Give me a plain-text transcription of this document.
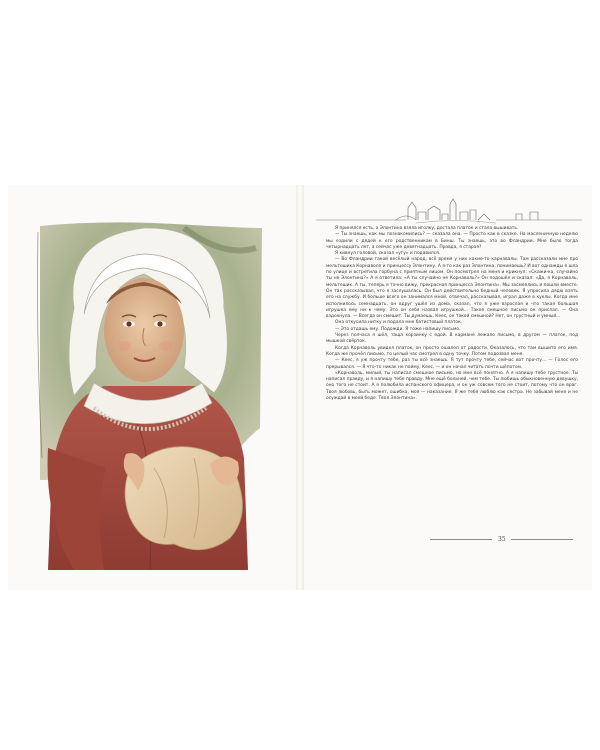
Я принялся есть, а Элонтина взяла иголку, достала платок и стала вышивать.

— Ты знаешь, как мы познакомились? — сказала она. — Просто как в сказке. На масленичную неделю мы ездили с дядей к его родственникам в Бинш. Ты знаешь, это во Фландрии. Мне было тогда четырнадцать лет, а сейчас уже девятнадцать. Правда, я старая?

Я кивнул головой, сказал «угу» и подавился.

— Во Фландрии такой весёлый народ, всё время у них какие-то карнавалы. Там рассказали мне про мельтешика Корнаволя и принцессу Элонтину. А я-то как раз Элонтина, понимаешь? И вот однажды я шла по улице и встретила горбуна с приятным лицом. Он посмотрел на меня и крикнул: «Скажи-ка, случайно ты не Элонтина?» А я ответила: «А ты случайно не Корнаволь?» Он подошёл и сказал: «Да, я Корнаволь, мельтешик. А ты, теперь я точно вижу, прекрасная принцесса Элонтина». Мы засмеялись и пошли вместе. Он так рассказывал, что я заслушалась. Он был действительно бедный человек. Я упросила дядю взять его на службу. И больше всего он занимался мной, отвечал, рассказывал, играл даже в куклы. Когда мне исполнилось семнадцать, он вдруг ушёл из дома, сказал, что я уже взрослая и что такая большая игрушка ему ни к чему. Это он себя назвал игрушкой... Такое смешное письмо он прислал. — Она вздохнула. — Всегда он смешит. Ты думаешь, Кеес, он такой смешной? Нет, он грустный и умный...

Она откусила нитку и подала мне батистовый платок.

— Это отдашь ему. Подожди. Я тоже напишу письмо.

Через полчаса я шёл, таща корзинку с едой. В кармане лежало письмо, в другом — платок, под мышкой свёрток.

Когда Корнаволь увидел платок, он просто ошалел от радости. Оказалось, что там вышито его имя. Когда же прочёл письмо, то целый час смотрел в одну точку. Потом подозвал меня.

— Кеес, я уж прочту тебе, раз ты всё знаешь. Я тут прочту тебе, сейчас вот прочту... — Голос его прерывался. — Я что-то никак не пойму, Кеес, — и он начал читать почти шёпотом.

«Корнаволь, милый, ты написал смешное письмо, но мне всё понятно. А я напишу тебе грустное. Ты написал правду, и я напишу тебе правду. Мне ещё больней, чем тебе. Ты любишь обыкновенную девушку, оно того не стоит. А я полюбила испанского офицера, и он уж совсем того не стоит, потому что он враг. Твоя любовь, быть может, ошибка, моя — наказание. Я же тебя люблю как сестра. Не забывай меня и не осуждай в моей беде. Твоя Элонтина».

35
